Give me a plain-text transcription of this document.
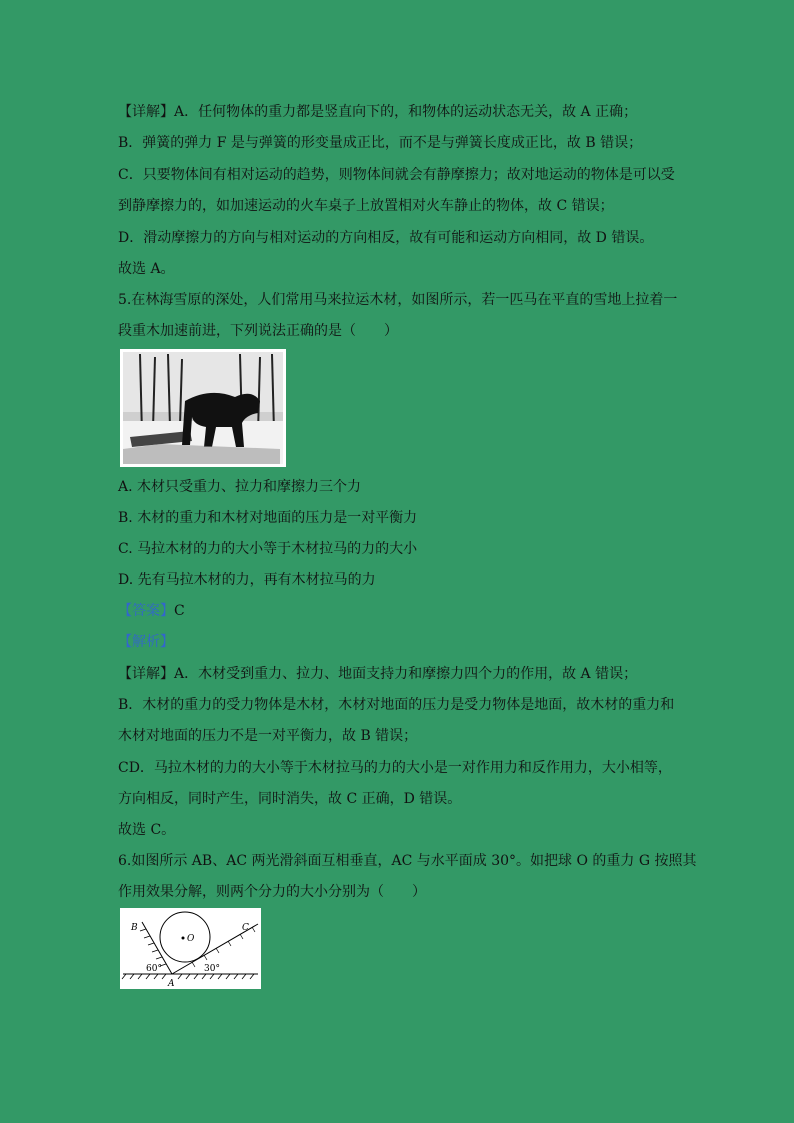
【详解】A．任何物体的重力都是竖直向下的，和物体的运动状态无关，故 A 正确；
B．弹簧的弹力 F 是与弹簧的形变量成正比，而不是与弹簧长度成正比，故 B 错误；
C．只要物体间有相对运动的趋势，则物体间就会有静摩擦力；故对地运动的物体是可以受
到静摩擦力的，如加速运动的火车桌子上放置相对火车静止的物体，故 C 错误；
D．滑动摩擦力的方向与相对运动的方向相反，故有可能和运动方向相同，故 D 错误。
故选 A。
5.在林海雪原的深处，人们常用马来拉运木材，如图所示，若一匹马在平直的雪地上拉着一
段重木加速前进，下列说法正确的是（　　）
A. 木材只受重力、拉力和摩擦力三个力
B. 木材的重力和木材对地面的压力是一对平衡力
C. 马拉木材的力的大小等于木材拉马的力的大小
D. 先有马拉木材的力，再有木材拉马的力
【答案】C
【解析】
【详解】A．木材受到重力、拉力、地面支持力和摩擦力四个力的作用，故 A 错误；
B．木材的重力的受力物体是木材，木材对地面的压力是受力物体是地面，故木材的重力和
木材对地面的压力不是一对平衡力，故 B 错误；
CD．马拉木材的力的大小等于木材拉马的力的大小是一对作用力和反作用力，大小相等，
方向相反，同时产生，同时消失，故 C 正确，D 错误。
故选 C。
6.如图所示 AB、AC 两光滑斜面互相垂直，AC 与水平面成 30°。如把球 O 的重力 G 按照其
作用效果分解，则两个分力的大小分别为（　　）
O
B	C
A
60°	30°
